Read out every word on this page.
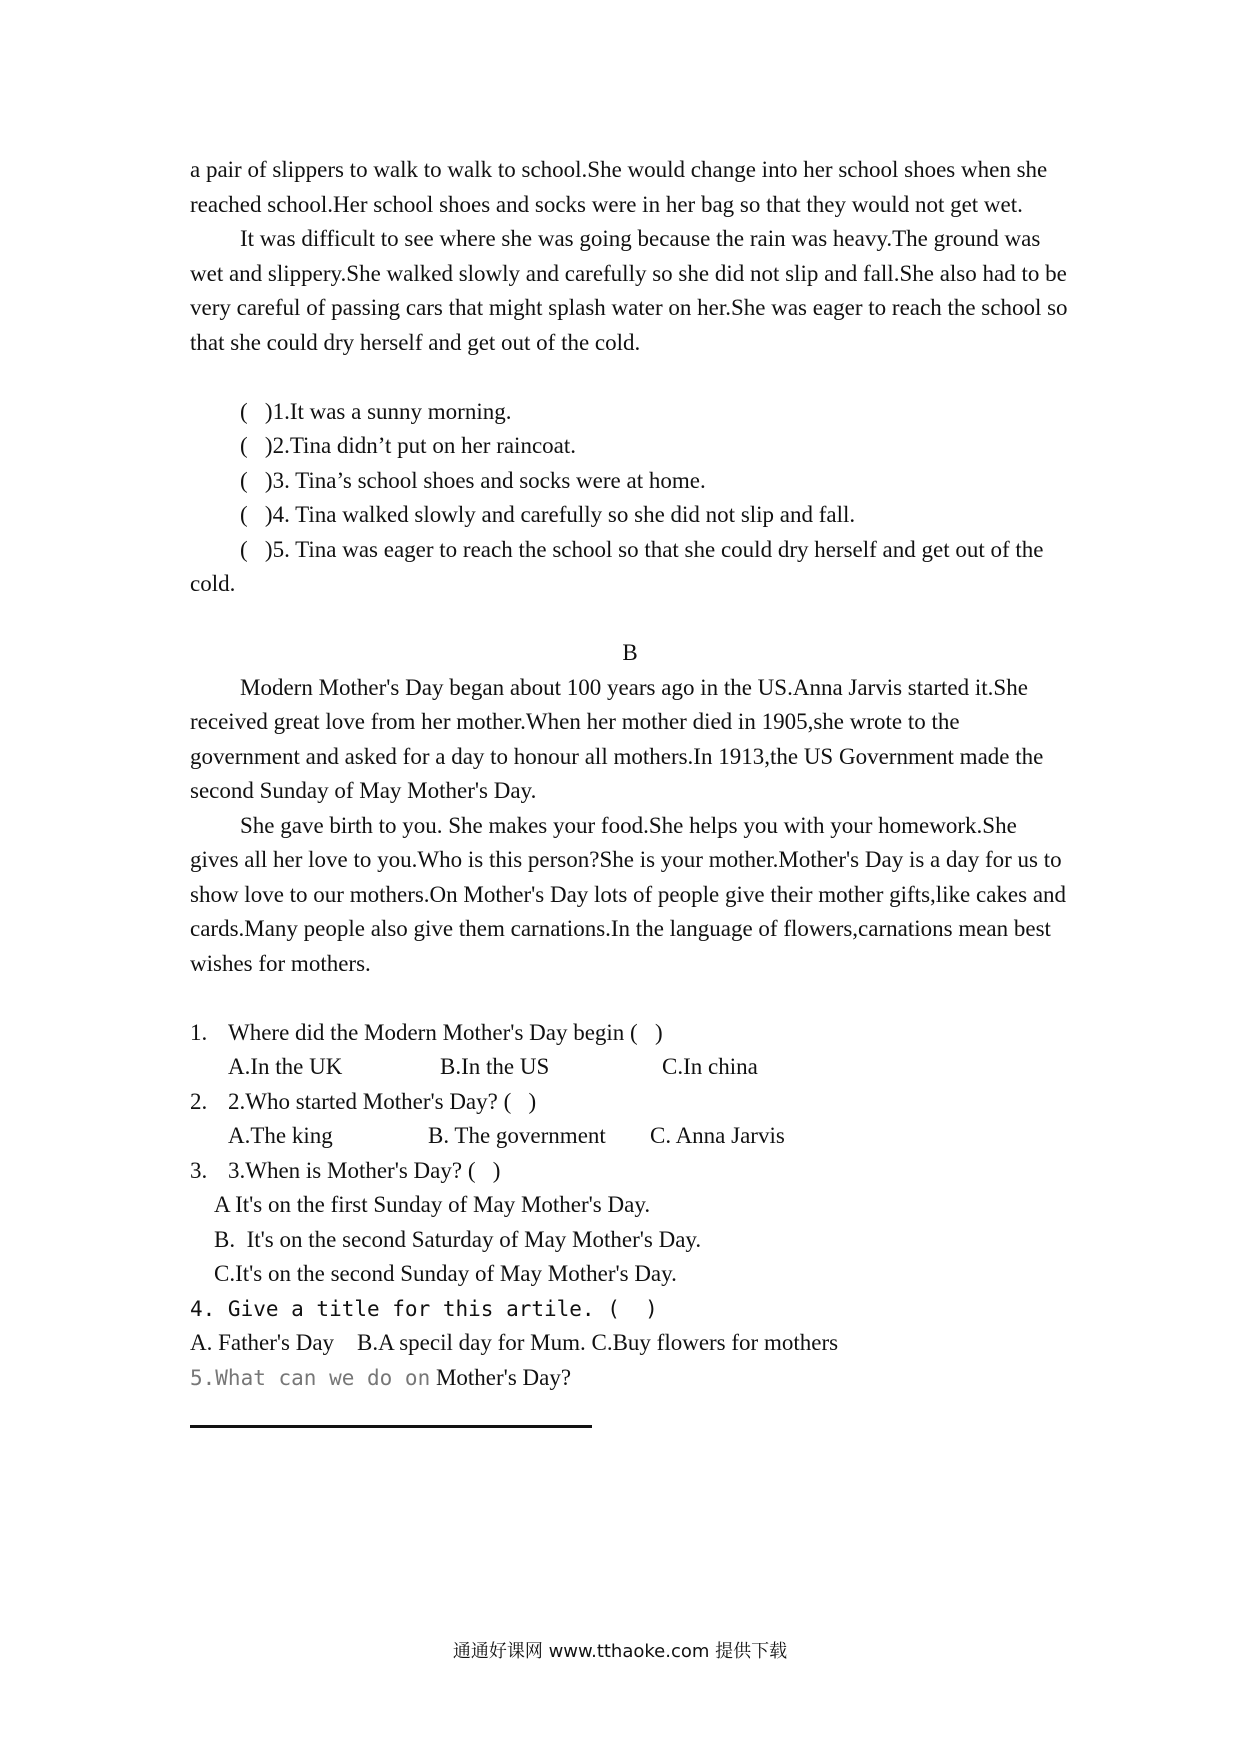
a pair of slippers to walk to walk to school.She would change into her school shoes when she reached school.Her school shoes and socks were in her bag so that they would not get wet.

It was difficult to see where she was going because the rain was heavy.The ground was wet and slippery.She walked slowly and carefully so she did not slip and fall.She also had to be very careful of passing cars that might splash water on her.She was eager to reach the school so that she could dry herself and get out of the cold.

(   )1.It was a sunny morning.

(   )2.Tina didn’t put on her raincoat.

(   )3. Tina’s school shoes and socks were at home.

(   )4. Tina walked slowly and carefully so she did not slip and fall.

(   )5. Tina was eager to reach the school so that she could dry herself and get out of the cold.

B

Modern Mother's Day began about 100 years ago in the US.Anna Jarvis started it.She received great love from her mother.When her mother died in 1905,she wrote to the government and asked for a day to honour all mothers.In 1913,the US Government made the second Sunday of May Mother's Day.

She gave birth to you. She makes your food.She helps you with your homework.She gives all her love to you.Who is this person?She is your mother.Mother's Day is a day for us to show love to our mothers.On Mother's Day lots of people give their mother gifts,like cakes and cards.Many people also give them carnations.In the language of flowers,carnations mean best wishes for mothers.

1. Where did the Modern Mother's Day begin (   )
A.In the UK	B.In the US	C.In china
2. 2.Who started Mother's Day? (   )
A.The king	B. The government C. Anna Jarvis
3. 3.When is Mother's Day? (   )

A It's on the first Sunday of May Mother's Day.

B.  It's on the second Saturday of May Mother's Day.

C.It's on the second Sunday of May Mother's Day.

4. Give a title for this artile. (  )

A. Father's Day    B.A specil day for Mum. C.Buy flowers for mothers

5.What can we do on Mother's Day?

通通好课网 www.tthaoke.com 提供下载
